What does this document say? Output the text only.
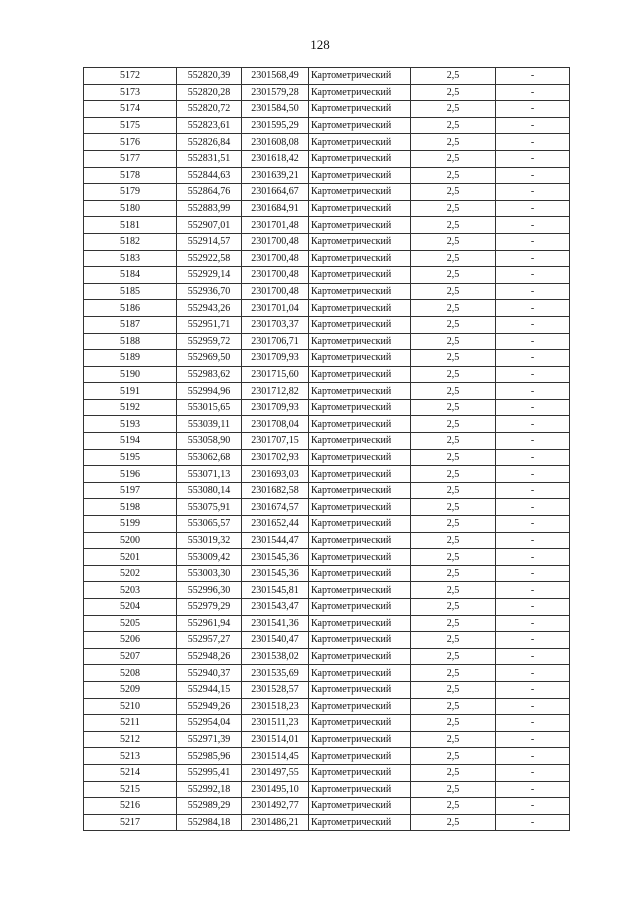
128
5172	552820,39	2301568,49	Картометрический	2,5	-
5173	552820,28	2301579,28	Картометрический	2,5	-
5174	552820,72	2301584,50	Картометрический	2,5	-
5175	552823,61	2301595,29	Картометрический	2,5	-
5176	552826,84	2301608,08	Картометрический	2,5	-
5177	552831,51	2301618,42	Картометрический	2,5	-
5178	552844,63	2301639,21	Картометрический	2,5	-
5179	552864,76	2301664,67	Картометрический	2,5	-
5180	552883,99	2301684,91	Картометрический	2,5	-
5181	552907,01	2301701,48	Картометрический	2,5	-
5182	552914,57	2301700,48	Картометрический	2,5	-
5183	552922,58	2301700,48	Картометрический	2,5	-
5184	552929,14	2301700,48	Картометрический	2,5	-
5185	552936,70	2301700,48	Картометрический	2,5	-
5186	552943,26	2301701,04	Картометрический	2,5	-
5187	552951,71	2301703,37	Картометрический	2,5	-
5188	552959,72	2301706,71	Картометрический	2,5	-
5189	552969,50	2301709,93	Картометрический	2,5	-
5190	552983,62	2301715,60	Картометрический	2,5	-
5191	552994,96	2301712,82	Картометрический	2,5	-
5192	553015,65	2301709,93	Картометрический	2,5	-
5193	553039,11	2301708,04	Картометрический	2,5	-
5194	553058,90	2301707,15	Картометрический	2,5	-
5195	553062,68	2301702,93	Картометрический	2,5	-
5196	553071,13	2301693,03	Картометрический	2,5	-
5197	553080,14	2301682,58	Картометрический	2,5	-
5198	553075,91	2301674,57	Картометрический	2,5	-
5199	553065,57	2301652,44	Картометрический	2,5	-
5200	553019,32	2301544,47	Картометрический	2,5	-
5201	553009,42	2301545,36	Картометрический	2,5	-
5202	553003,30	2301545,36	Картометрический	2,5	-
5203	552996,30	2301545,81	Картометрический	2,5	-
5204	552979,29	2301543,47	Картометрический	2,5	-
5205	552961,94	2301541,36	Картометрический	2,5	-
5206	552957,27	2301540,47	Картометрический	2,5	-
5207	552948,26	2301538,02	Картометрический	2,5	-
5208	552940,37	2301535,69	Картометрический	2,5	-
5209	552944,15	2301528,57	Картометрический	2,5	-
5210	552949,26	2301518,23	Картометрический	2,5	-
5211	552954,04	2301511,23	Картометрический	2,5	-
5212	552971,39	2301514,01	Картометрический	2,5	-
5213	552985,96	2301514,45	Картометрический	2,5	-
5214	552995,41	2301497,55	Картометрический	2,5	-
5215	552992,18	2301495,10	Картометрический	2,5	-
5216	552989,29	2301492,77	Картометрический	2,5	-
5217	552984,18	2301486,21	Картометрический	2,5	-
